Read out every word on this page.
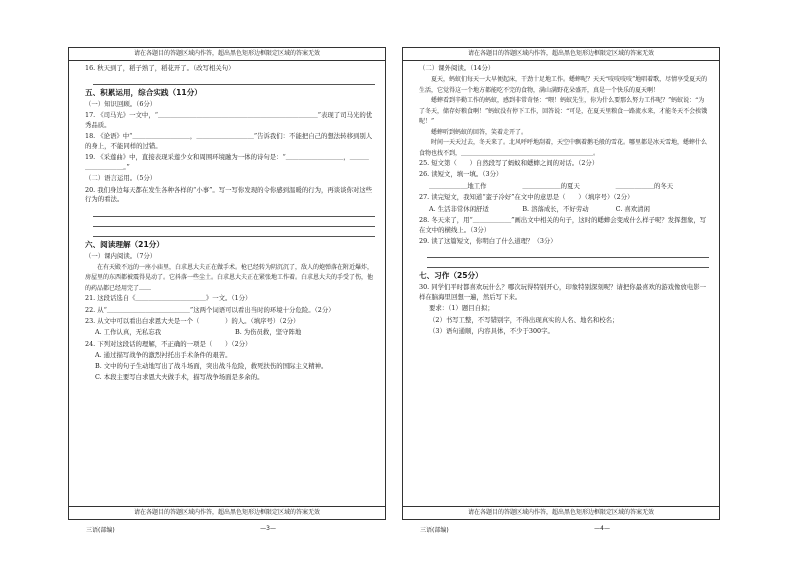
请在各题目的答题区域内作答，超出黑色矩形边框限定区域的答案无效
16. 秋天到了，稻子熟了，稻花开了。（改写相关句）
五、积累运用，综合实践（11分）
（一）知识回顾。（6分）
17. 《司马光》一文中，“＿＿＿＿＿＿＿＿＿＿＿＿＿＿＿＿＿＿＿＿＿＿＿＿＿”表现了司马光的优秀品质。
18. 《论语》中“＿＿＿＿＿＿＿＿＿，＿＿＿＿＿＿＿＿＿”告诉我们：不能把自己的想法转移到别人的身上，不能同样的过错。
19. 《采莲曲》中，直接表现采莲少女和周围环境融为一体的诗句是：“＿＿＿＿＿＿＿＿＿，＿＿＿＿＿＿＿＿＿。”
（二）语言运用。（5分）
20. 我们身边每天都在发生各种各样的“小事”。写一写你发现的令你感到温暖的行为，再谈谈你对这些行为的看法。
六、阅读理解（21分）
（一）课内阅读。（7分）

在有天殿不远的一座小庙里，白求恩大夫正在做手术。枪已经转为阴沉沉了，敌人的炮弹落在附近爆炸，房屋里的东西都被震得晃动了。它抖落一些尘土。白求恩大夫正在紧张地工作着。白求恩大夫的手受了伤，他的药品都已经用完了……

21. 这段话选自《＿＿＿＿＿＿＿＿＿＿＿》一文。（1分）
22. 从“＿＿＿＿＿＿＿＿＿＿＿＿＿”这两个词语可以看出当时的环境十分危险。（2分）
23. 从文中可以看出白求恩大夫是一个（　　　　）的人。（填序号）（2分）
A. 工作认真，无私忘我	B. 为伤员救，坚守阵地
24. 下列对这段话的理解，不正确的一项是（　　）（2分）
A. 通过描写战争的激烈衬托出手术条件的艰苦。
B. 文中的句子生动地写出了战斗场面，突出战斗危险，救死扶伤的国际主义精神。
C. 本段主要写白求恩大夫做手术，描写战争场面是多余的。
请在各题目的答题区域内作答，超出黑色矩形边框限定区域的答案无效
请在各题目的答题区域内作答，超出黑色矩形边框限定区域的答案无效
（二）课外阅读。（14分）

夏天，蚂蚁们每天一大早便起床，干劲十足地工作。蟋蟀呢？天天“吱吱吱吱”地唱着歌，尽情享受夏天的生活，它觉得这一个地方都能吃不完的食物，满山满野花朵盛开，真是一个快乐的夏天啊！

蟋蟀看到辛勤工作的蚂蚁，感到非常奇怪：“喂！蚂蚁先生，你为什么要那么努力工作呢？”蚂蚁说：“为了冬天，储存好粮食啊！”蚂蚁没有停下工作，回答说：“可是，在夏天里粮食一路流水来，才能冬天不会挨饿呢！”

蟋蟀听到蚂蚁的回答，笑着走开了。

时间一天天过去，冬天来了。北风呼呼地刮着，天空中飘着鹅毛般的雪花。哪里都是冰天雪地，蟋蟀什么食物也找不到，＿＿＿＿＿＿＿＿＿＿＿＿＿＿＿＿＿＿＿＿＿＿。

25. 短文第（　　）自然段写了蚂蚁和蟋蟀之间的对话。（2分）
26. 读短文，填一填。（3分）
＿＿＿＿＿＿地工作	＿＿＿＿＿＿的夏天	＿＿＿＿＿＿的冬天
27. 读完短文，我知道“蛮子冷好”在文中的意思是（　　）（填序号）（2分）
A. 生活非常休闲舒适	B. 溶落成长，不好劳动	C. 喜欢清闲
28. 冬天来了，用“＿＿＿＿＿＿”画出文中相关的句子，这时的蟋蟀会变成什么样子呢？发挥想象，写在文中的横线上。（3分）
29. 读了这篇短文，你明白了什么道理？（3分）
七、习作（25分）
30. 同学们平时都喜欢玩什么？哪次玩得特别开心，印象特别深刻呢？请把你最喜欢的游戏像放电影一样在脑海里回想一遍，然后写下来。
要求：（1）题目自拟；
（2）书写工整，不写错别字，不得出现真实的人名、地名和校名；
（3）语句通顺，内容具体，不少于300字。
请在各题目的答题区域内作答，超出黑色矩形边框限定区域的答案无效
三语(部编)	—3—	三语(部编)	—4—
